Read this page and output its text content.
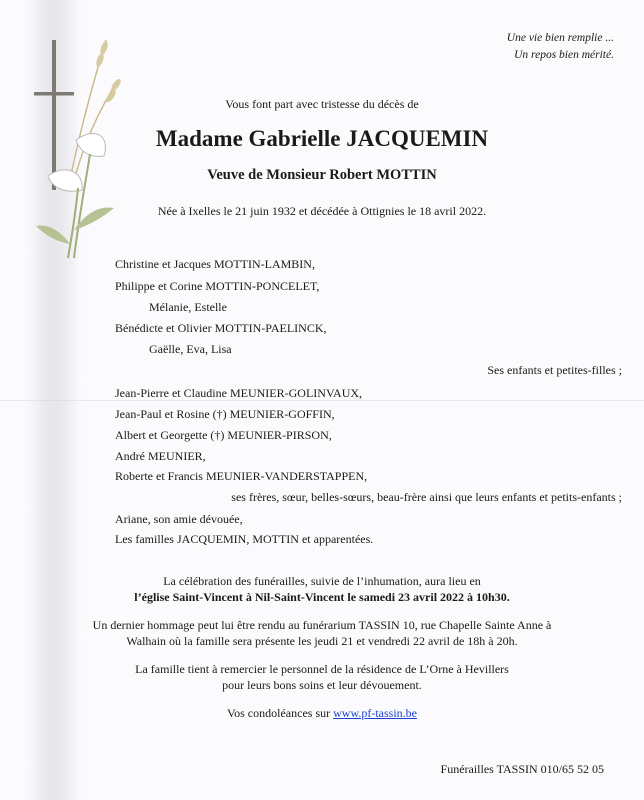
Une vie bien remplie ...
Un repos bien mérité.
Vous font part avec tristesse du décès de
Madame Gabrielle JACQUEMIN
Veuve de Monsieur Robert MOTTIN
Née à Ixelles le 21 juin 1932 et décédée à Ottignies le 18 avril 2022.
Christine et Jacques MOTTIN-LAMBIN,
Philippe et Corine MOTTIN-PONCELET,
Mélanie, Estelle
Bénédicte et Olivier MOTTIN-PAELINCK,
Gaëlle, Eva, Lisa
Ses enfants et petites-filles ;
Jean-Pierre et Claudine MEUNIER-GOLINVAUX,
Jean-Paul et Rosine (†) MEUNIER-GOFFIN,
Albert et Georgette (†) MEUNIER-PIRSON,
André MEUNIER,
Roberte et Francis MEUNIER-VANDERSTAPPEN,
ses frères, sœur, belles-sœurs, beau-frère ainsi que leurs enfants et petits-enfants ;
Ariane, son amie dévouée,
Les familles JACQUEMIN, MOTTIN et apparentées.
La célébration des funérailles, suivie de l’inhumation, aura lieu en
l’église Saint-Vincent à Nil-Saint-Vincent le samedi 23 avril 2022 à 10h30.
Un dernier hommage peut lui être rendu au funérarium TASSIN 10, rue Chapelle Sainte Anne à
Walhain où la famille sera présente les jeudi 21 et vendredi 22 avril de 18h à 20h.
La famille tient à remercier le personnel de la résidence de L’Orne à Hevillers
pour leurs bons soins et leur dévouement.
Vos condoléances sur www.pf-tassin.be
Funérailles TASSIN 010/65 52 05
